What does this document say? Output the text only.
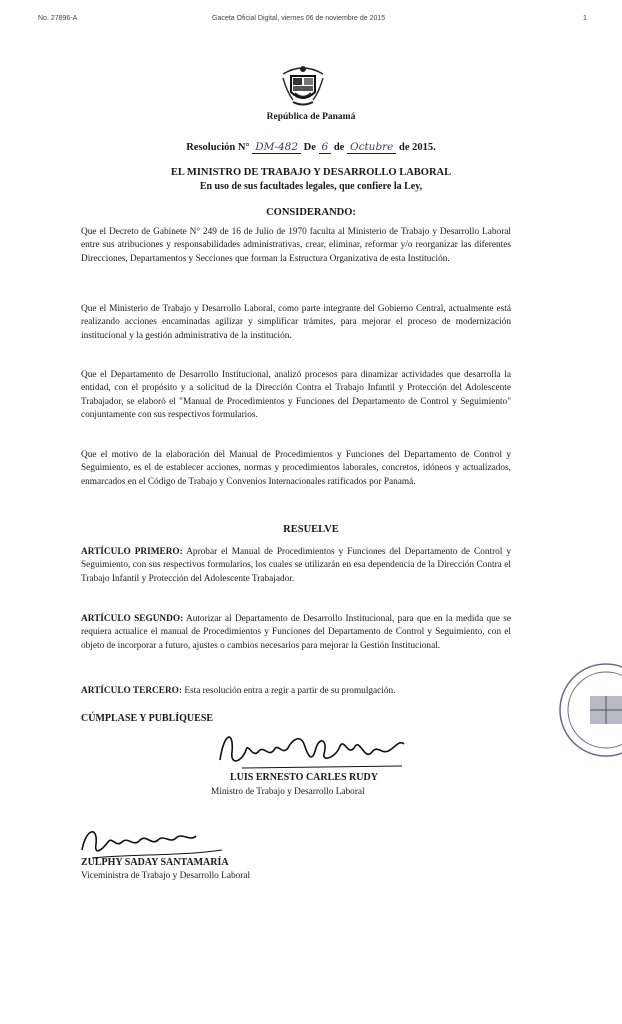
No. 27896-A	Gaceta Oficial Digital, viernes 06 de noviembre de 2015	1
República de Panamá
Resolución N° DM-482 De 6 de Octubre de 2015.
EL MINISTRO DE TRABAJO Y DESARROLLO LABORAL
En uso de sus facultades legales, que confiere la Ley,
CONSIDERANDO:

Que el Decreto de Gabinete N° 249 de 16 de Julio de 1970 faculta al Ministerio de Trabajo y Desarrollo Laboral entre sus atribuciones y responsabilidades administrativas, crear, eliminar, reformar y/o reorganizar las diferentes Direcciones, Departamentos y Secciones que forman la Estructura Organizativa de esta Institución.

Que el Ministerio de Trabajo y Desarrollo Laboral, como parte integrante del Gobierno Central, actualmente está realizando acciones encaminadas agilizar y simplificar trámites, para mejorar el proceso de modernización institucional y la gestión administrativa de la institución.

Que el Departamento de Desarrollo Institucional, analizó procesos para dinamizar actividades que desarrolla la entidad, con el propósito y a solicitud de la Dirección Contra el Trabajo Infantil y Protección del Adolescente Trabajador, se elaboró el "Manual de Procedimientos y Funciones del Departamento de Control y Seguimiento" conjuntamente con sus respectivos formularios.

Que el motivo de la elaboración del Manual de Procedimientos y Funciones del Departamento de Control y Seguimiento, es el de establecer acciones, normas y procedimientos laborales, concretos, idóneos y actualizados, enmarcados en el Código de Trabajo y Convenios Internacionales ratificados por Panamá.

RESUELVE

ARTÍCULO PRIMERO: Aprobar el Manual de Procedimientos y Funciones del Departamento de Control y Seguimiento, con sus respectivos formularios, los cuales se utilizarán en esa dependencia de la Dirección Contra el Trabajo Infantil y Protección del Adolescente Trabajador.

ARTÍCULO SEGUNDO: Autorizar al Departamento de Desarrollo Institucional, para que en la medida que se requiera actualice el manual de Procedimientos y Funciones del Departamento de Control y Seguimiento, con el objeto de incorporar a futuro, ajustes o cambios necesarios para mejorar la Gestión Institucional.

ARTÍCULO TERCERO: Esta resolución entra a regir a partir de su promulgación.

CÚMPLASE Y PUBLÍQUESE
LUIS ERNESTO CARLES RUDY
Ministro de Trabajo y Desarrollo Laboral
ZULPHY SADAY SANTAMARÍA
Viceministra de Trabajo y Desarrollo Laboral
